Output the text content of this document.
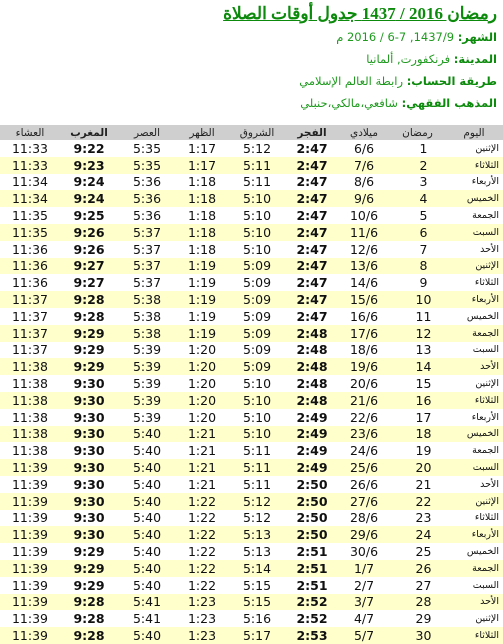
رمضان 2016 / 1437 جدول أوقات الصلاة
الشهر: 1437/9, 7-6 / 2016 م
المدينة: فرنكفورت, ألمانيا
طريقة الحساب: رابطة العالم الإسلامي
المذهب الفقهي: شافعي،مالكي،حنبلي
اليوم	رمضان	ميلادي	الفجر	الشروق	الظهر	العصر	المغرب	العشاء
الإثنين	1	6/6	2:47	5:12	1:17	5:35	9:22	11:33
الثلاثاء	2	7/6	2:47	5:11	1:17	5:35	9:23	11:33
الأربعاء	3	8/6	2:47	5:11	1:18	5:36	9:24	11:34
الخميس	4	9/6	2:47	5:10	1:18	5:36	9:24	11:34
الجمعة	5	10/6	2:47	5:10	1:18	5:36	9:25	11:35
السبت	6	11/6	2:47	5:10	1:18	5:37	9:26	11:35
الأحد	7	12/6	2:47	5:10	1:18	5:37	9:26	11:36
الإثنين	8	13/6	2:47	5:09	1:19	5:37	9:27	11:36
الثلاثاء	9	14/6	2:47	5:09	1:19	5:37	9:27	11:36
الأربعاء	10	15/6	2:47	5:09	1:19	5:38	9:28	11:37
الخميس	11	16/6	2:47	5:09	1:19	5:38	9:28	11:37
الجمعة	12	17/6	2:48	5:09	1:19	5:38	9:29	11:37
السبت	13	18/6	2:48	5:09	1:20	5:39	9:29	11:37
الأحد	14	19/6	2:48	5:09	1:20	5:39	9:29	11:38
الإثنين	15	20/6	2:48	5:10	1:20	5:39	9:30	11:38
الثلاثاء	16	21/6	2:48	5:10	1:20	5:39	9:30	11:38
الأربعاء	17	22/6	2:49	5:10	1:20	5:39	9:30	11:38
الخميس	18	23/6	2:49	5:10	1:21	5:40	9:30	11:38
الجمعة	19	24/6	2:49	5:11	1:21	5:40	9:30	11:38
السبت	20	25/6	2:49	5:11	1:21	5:40	9:30	11:39
الأحد	21	26/6	2:50	5:11	1:21	5:40	9:30	11:39
الإثنين	22	27/6	2:50	5:12	1:22	5:40	9:30	11:39
الثلاثاء	23	28/6	2:50	5:12	1:22	5:40	9:30	11:39
الأربعاء	24	29/6	2:50	5:13	1:22	5:40	9:30	11:39
الخميس	25	30/6	2:51	5:13	1:22	5:40	9:29	11:39
الجمعة	26	1/7	2:51	5:14	1:22	5:40	9:29	11:39
السبت	27	2/7	2:51	5:15	1:22	5:40	9:29	11:39
الأحد	28	3/7	2:52	5:15	1:23	5:41	9:28	11:39
الإثنين	29	4/7	2:52	5:16	1:23	5:41	9:28	11:39
الثلاثاء	30	5/7	2:53	5:17	1:23	5:40	9:28	11:39
